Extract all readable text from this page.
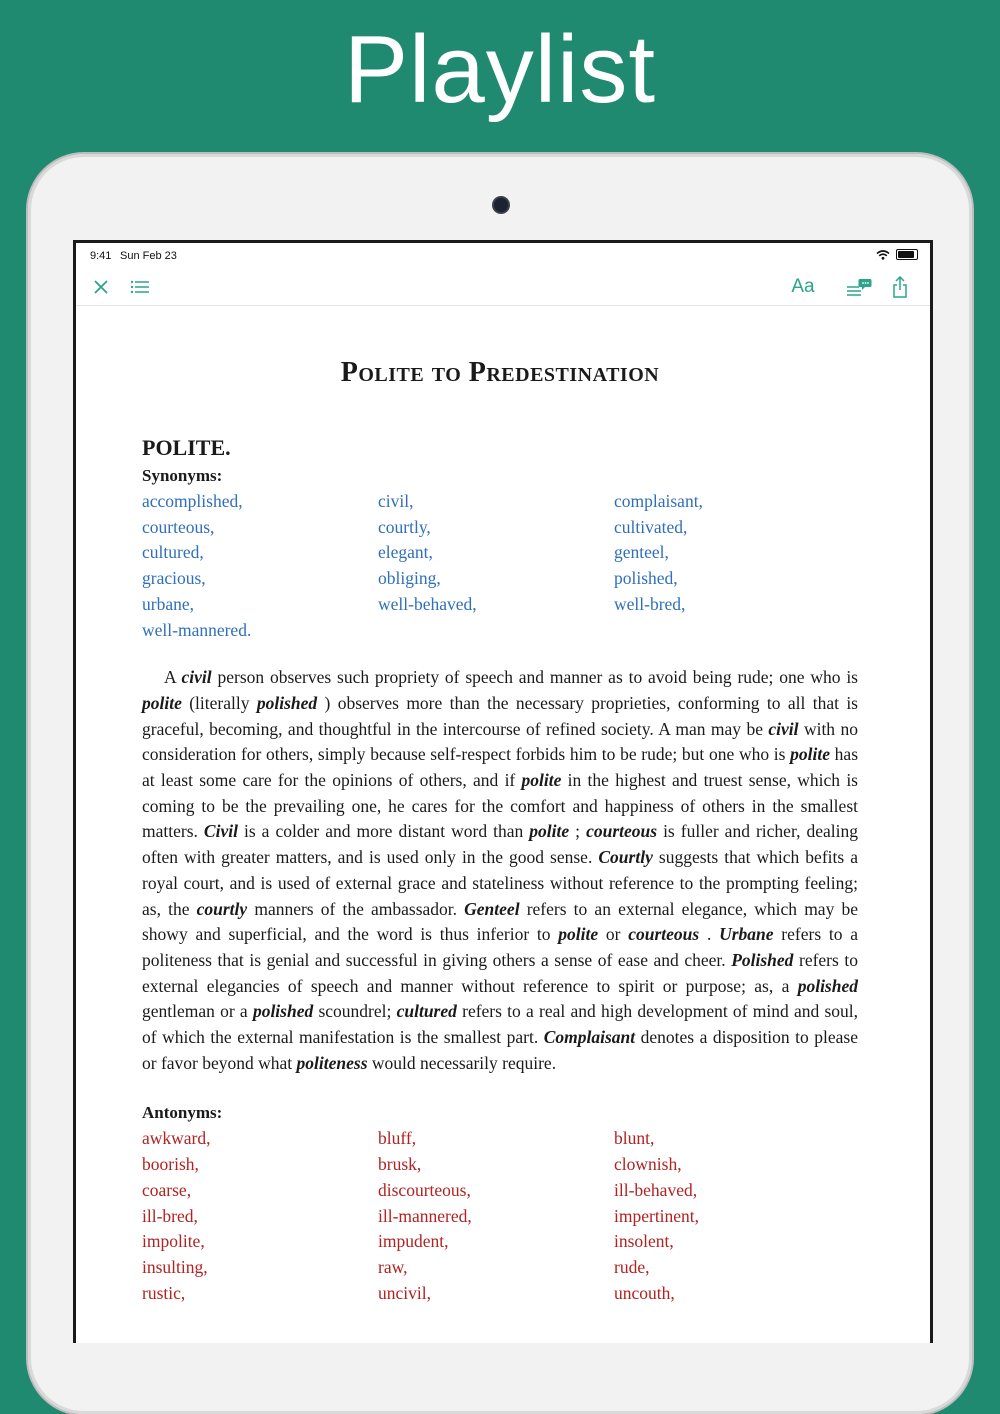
Playlist
9:41 Sun Feb 23
Aa
Polite to Predestination
POLITE.
Synonyms:
accomplished,	civil,	complaisant,
courteous,	courtly,	cultivated,
cultured,	elegant,	genteel,
gracious,	obliging,	polished,
urbane,	well-behaved,	well-bred,
well-mannered.

A civil person observes such propriety of speech and manner as to avoid being rude; one who is polite (literally polished ) observes more than the necessary proprieties, conforming to all that is graceful, becoming, and thoughtful in the intercourse of refined society. A man may be civil with no consideration for others, simply because self-respect forbids him to be rude; but one who is polite has at least some care for the opinions of others, and if polite in the highest and truest sense, which is coming to be the prevailing one, he cares for the comfort and happiness of others in the smallest matters. Civil is a colder and more distant word than polite ; courteous is fuller and richer, dealing often with greater matters, and is used only in the good sense. Courtly suggests that which befits a royal court, and is used of external grace and stateliness without reference to the prompting feeling; as, the courtly manners of the ambassador. Genteel refers to an external elegance, which may be showy and superficial, and the word is thus inferior to polite or courteous . Urbane refers to a politeness that is genial and successful in giving others a sense of ease and cheer. Polished refers to external elegancies of speech and manner without reference to spirit or purpose; as, a polished gentleman or a polished scoundrel; cultured refers to a real and high development of mind and soul, of which the external manifestation is the smallest part. Complaisant denotes a disposition to please or favor beyond what politeness would necessarily require.

Antonyms:
awkward,	bluff,	blunt,
boorish,	brusk,	clownish,
coarse,	discourteous,	ill-behaved,
ill-bred,	ill-mannered,	impertinent,
impolite,	impudent,	insolent,
insulting,	raw,	rude,
rustic,	uncivil,	uncouth,
